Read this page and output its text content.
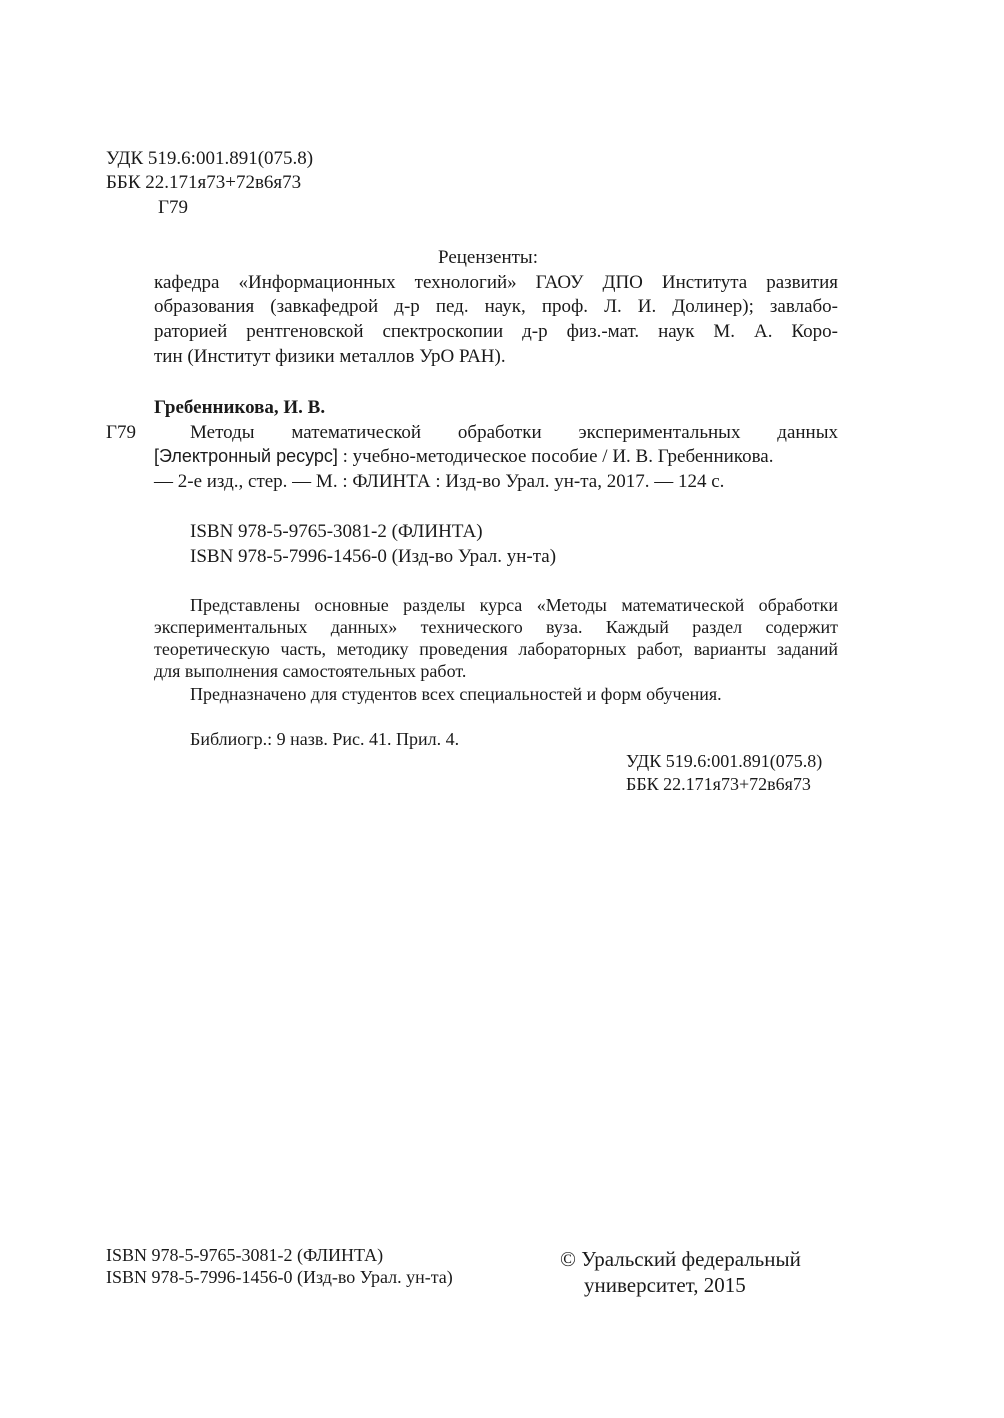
УДК 519.6:001.891(075.8)
ББК 22.171я73+72в6я73
Г79
Рецензенты:
кафедра «Информационных технологий» ГАОУ ДПО Института развития
образования (завкафедрой д-р пед. наук, проф. Л. И. Долинер); завлабо-
раторией рентгеновской спектроскопии д-р физ.-мат. наук М. А. Коро-
тин (Институт физики металлов УрО РАН).
Гребенникова, И. В.
Г79	Методы математической обработки экспериментальных данных
[Электронный ресурс] : учебно-методическое пособие / И. В. Гребенникова.
— 2-е изд., стер. — М. : ФЛИНТА : Изд-во Урал. ун-та, 2017. — 124 с.
ISBN 978-5-9765-3081-2 (ФЛИНТА)
ISBN 978-5-7996-1456-0 (Изд-во Урал. ун-та)
Представлены основные разделы курса «Методы математической обработки
экспериментальных данных» технического вуза. Каждый раздел содержит
теоретическую часть, методику проведения лабораторных работ, варианты заданий
для выполнения самостоятельных работ.
Предназначено для студентов всех специальностей и форм обучения.
Библиогр.: 9 назв. Рис. 41. Прил. 4.
УДК 519.6:001.891(075.8)
ББК 22.171я73+72в6я73
ISBN 978-5-9765-3081-2 (ФЛИНТА)
ISBN 978-5-7996-1456-0 (Изд-во Урал. ун-та)
© Уральский федеральный
университет, 2015
